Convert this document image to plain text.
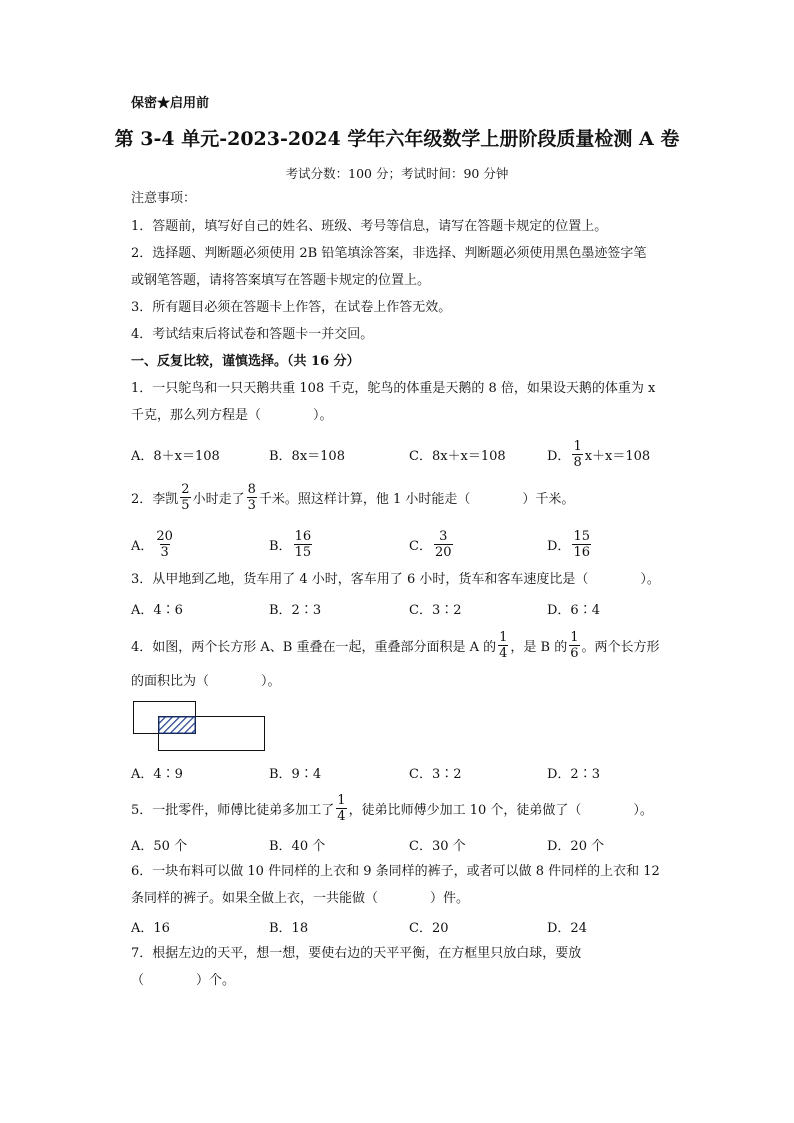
保密★启用前
第 3-4 单元-2023-2024 学年六年级数学上册阶段质量检测 A 卷
考试分数：100 分；考试时间：90 分钟
注意事项：
1．答题前，填写好自己的姓名、班级、考号等信息，请写在答题卡规定的位置上。
2．选择题、判断题必须使用 2B 铅笔填涂答案，非选择、判断题必须使用黑色墨迹签字笔
或钢笔答题，请将答案填写在答题卡规定的位置上。
3．所有题目必须在答题卡上作答，在试卷上作答无效。
4．考试结束后将试卷和答题卡一并交回。
一、反复比较，谨慎选择。（共 16 分）
1．一只鸵鸟和一只天鹅共重 108 千克，鸵鸟的体重是天鹅的 8 倍，如果设天鹅的体重为 x
千克，那么列方程是（　　　　）。
A．8＋x＝108	B．8x＝108	C．8x＋x＝108	D． $\frac{1}{8} x+x=108$
2．李凯 $\frac{2}{5}$ 小时走了 $\frac{8}{3}$ 千米。照这样计算，他 1 小时能走（　　　　）千米。
A． $\frac{20}{3}$	B． $\frac{16}{15}$	C． $\frac{3}{20}$	D． $\frac{15}{16}$
3．从甲地到乙地，货车用了 4 小时，客车用了 6 小时，货车和客车速度比是（　　　　）。
A．4∶6	B．2∶3	C．3∶2	D．6∶4
4．如图，两个长方形 A、B 重叠在一起，重叠部分面积是 A 的 $\frac{1}{4}$ ，是 B 的 $\frac{1}{6}$ 。两个长方形
的面积比为（　　　　）。
A．4∶9	B．9∶4	C．3∶2	D．2∶3
5．一批零件，师傅比徒弟多加工了 $\frac{1}{4}$ ，徒弟比师傅少加工 10 个，徒弟做了（　　　　）。
A．50 个	B．40 个	C．30 个	D．20 个
6．一块布料可以做 10 件同样的上衣和 9 条同样的裤子，或者可以做 8 件同样的上衣和 12
条同样的裤子。如果全做上衣，一共能做（　　　　）件。
A．16	B．18	C．20	D．24
7．根据左边的天平，想一想，要使右边的天平平衡，在方框里只放白球，要放
（　　　　）个。
